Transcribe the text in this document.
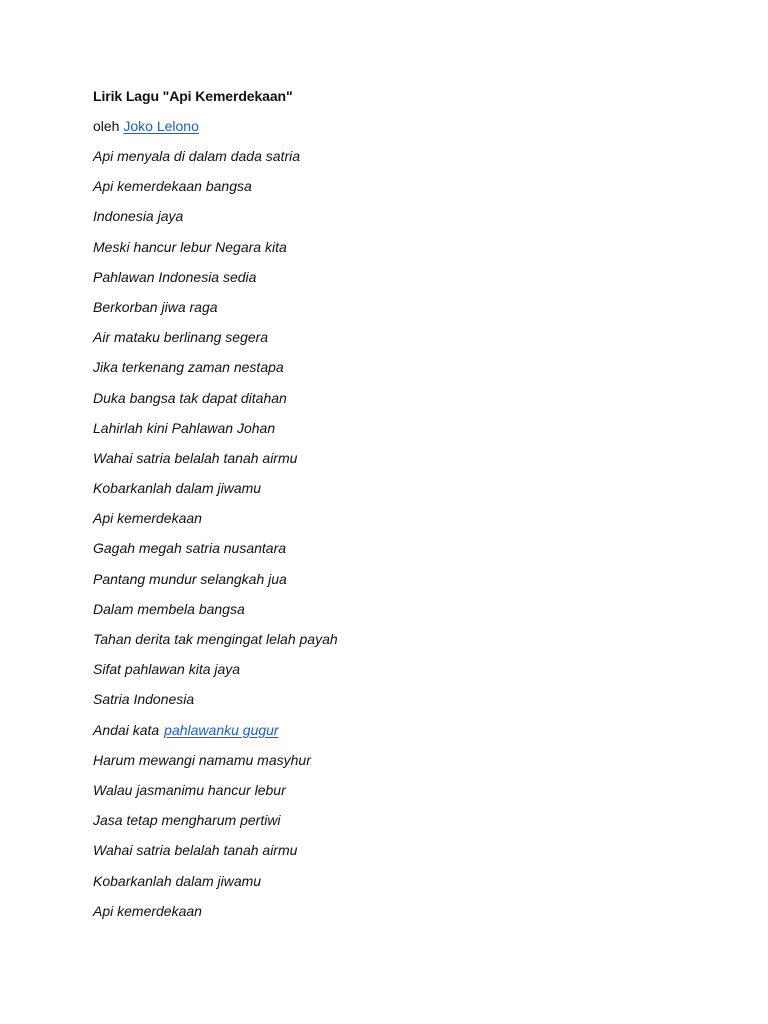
Lirik Lagu "Api Kemerdekaan"
oleh Joko Lelono
Api menyala di dalam dada satria
Api kemerdekaan bangsa
Indonesia jaya
Meski hancur lebur Negara kita
Pahlawan Indonesia sedia
Berkorban jiwa raga
Air mataku berlinang segera
Jika terkenang zaman nestapa
Duka bangsa tak dapat ditahan
Lahirlah kini Pahlawan Johan
Wahai satria belalah tanah airmu
Kobarkanlah dalam jiwamu
Api kemerdekaan
Gagah megah satria nusantara
Pantang mundur selangkah jua
Dalam membela bangsa
Tahan derita tak mengingat lelah payah
Sifat pahlawan kita jaya
Satria Indonesia
Andai kata pahlawanku gugur
Harum mewangi namamu masyhur
Walau jasmanimu hancur lebur
Jasa tetap mengharum pertiwi
Wahai satria belalah tanah airmu
Kobarkanlah dalam jiwamu
Api kemerdekaan
